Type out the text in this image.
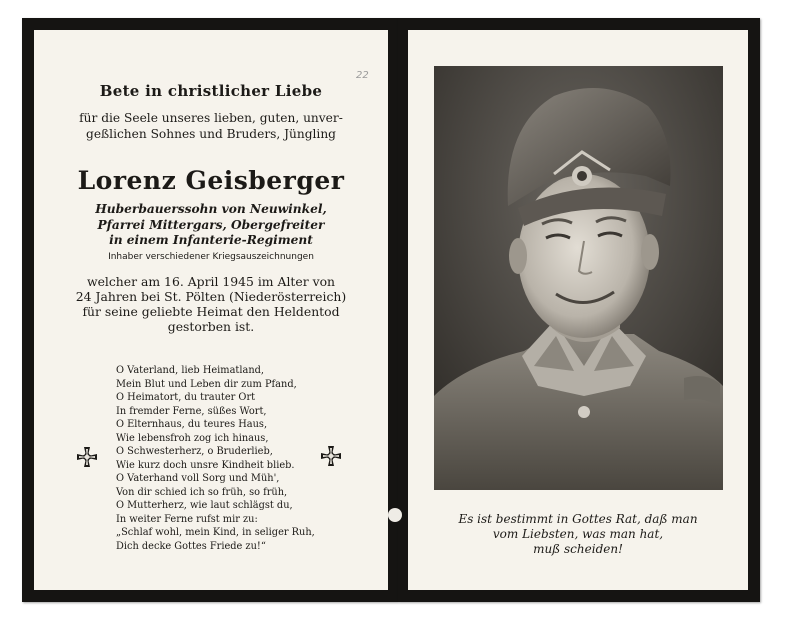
22
Bete in christlicher Liebe
für die Seele unseres lieben, guten, unver-
geßlichen Sohnes und Bruders, Jüngling
Lorenz Geisberger
Huberbauerssohn von Neuwinkel,
Pfarrei Mittergars, Obergefreiter
in einem Infanterie-Regiment
Inhaber verschiedener Kriegsauszeichnungen
welcher am 16. April 1945 im Alter von
24 Jahren bei St. Pölten (Niederösterreich)
für seine geliebte Heimat den Heldentod
gestorben ist.
O Vaterland, lieb Heimatland,
Mein Blut und Leben dir zum Pfand,
O Heimatort, du trauter Ort
In fremder Ferne, süßes Wort,
O Elternhaus, du teures Haus,
Wie lebensfroh zog ich hinaus,
O Schwesterherz, o Bruderlieb,
Wie kurz doch unsre Kindheit blieb.
O Vaterhand voll Sorg und Müh',
Von dir schied ich so früh, so früh,
O Mutterherz, wie laut schlägst du,
In weiter Ferne rufst mir zu:
„Schlaf wohl, mein Kind, in seliger Ruh,
Dich decke Gottes Friede zu!“
Es ist bestimmt in Gottes Rat, daß man
vom Liebsten, was man hat,
muß scheiden!
